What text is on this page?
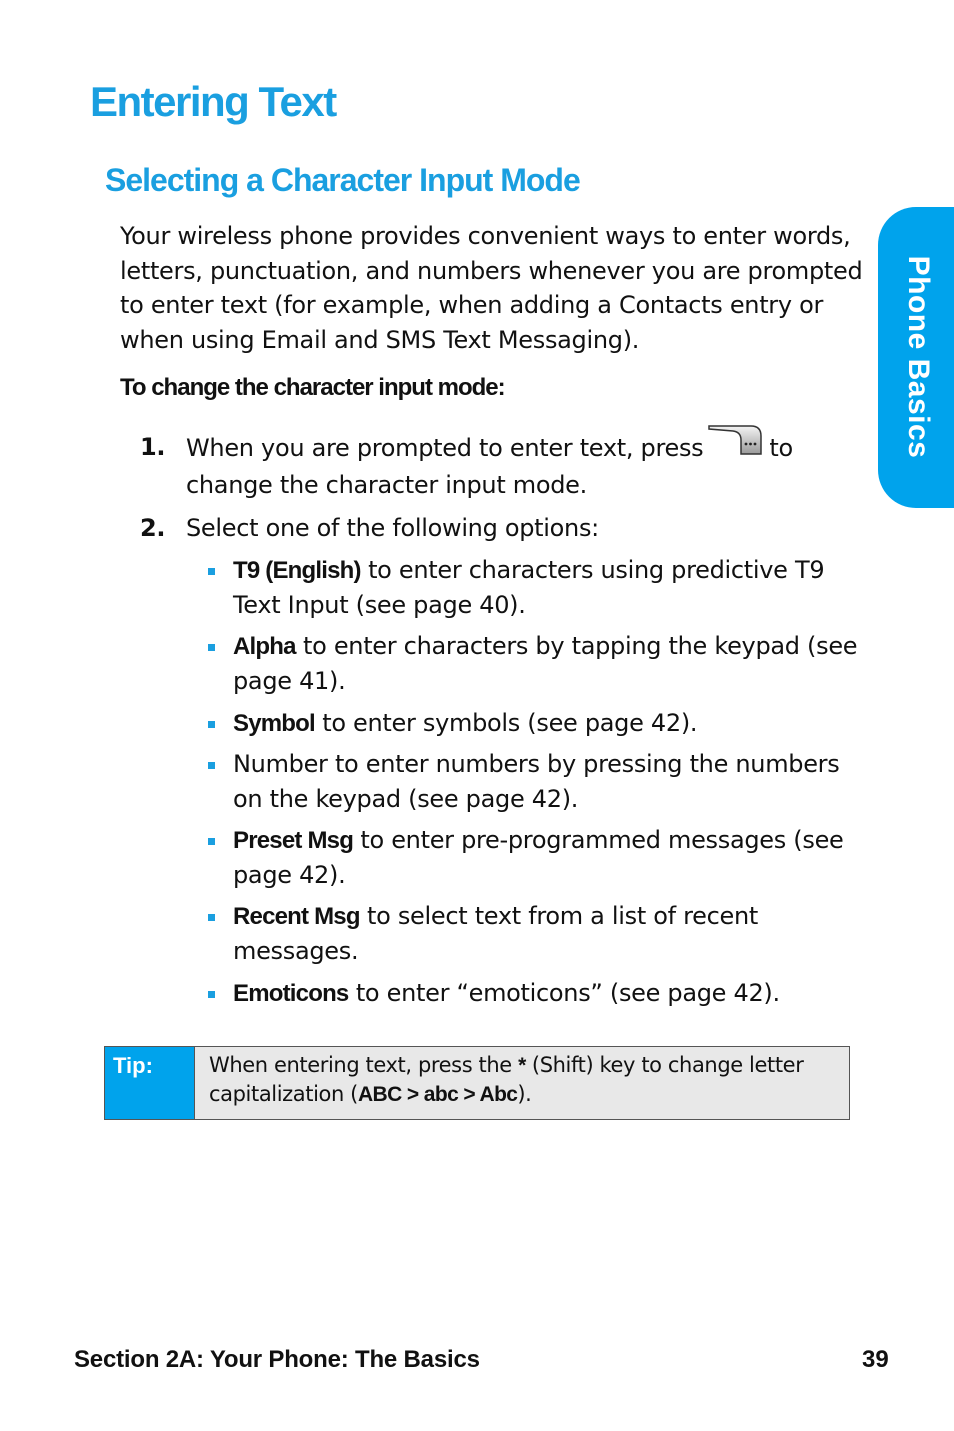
Entering Text
Selecting a Character Input Mode

Your wireless phone provides convenient ways to enter words, letters, punctuation, and numbers whenever you are prompted to enter text (for example, when adding a Contacts entry or when using Email and SMS Text Messaging).

To change the character input mode:

1. When you are prompted to enter text, press	to change the character input mode.
2. Select one of the following options:
T9 (English) to enter characters using predictive T9 Text Input (see page 40).
Alpha to enter characters by tapping the keypad (see page 41).
Symbol to enter symbols (see page 42).
Number to enter numbers by pressing the numbers on the keypad (see page 42).
Preset Msg to enter pre-programmed messages (see page 42).
Recent Msg to select text from a list of recent messages.
Emoticons to enter “emoticons” (see page 42).
Tip:	When entering text, press the * (Shift) key to change letter capitalization (ABC > abc > Abc).
Phone Basics
Section 2A: Your Phone: The Basics	39
